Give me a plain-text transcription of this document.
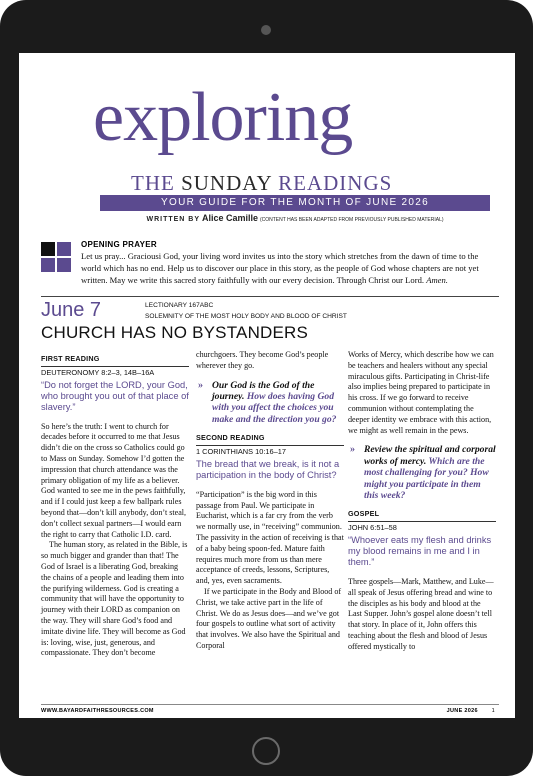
exploring
THE SUNDAY READINGS
YOUR GUIDE FOR THE MONTH OF JUNE 2026
WRITTEN BY Alice Camille (CONTENT HAS BEEN ADAPTED FROM PREVIOUSLY PUBLISHED MATERIAL)
OPENING PRAYER
Let us pray... Graciousi God, your living word invites us into the story which stretches from the dawn of time to the world which has no end. Help us to discover our place in this story, as the people of God whose chapters are not yet written. May we write this sacred story faithfully with our every decision. Through Christ our Lord. Amen.
June 7	LECTIONARY 167ABC
SOLEMNITY OF THE MOST HOLY BODY AND BLOOD OF CHRIST
CHURCH HAS NO BYSTANDERS
FIRST READING
DEUTERONOMY 8:2–3, 14B–16A
“Do not forget the LORD, your God, who brought you out of that place of slavery.”

So here’s the truth: I went to church for decades before it occurred to me that Jesus didn’t die on the cross so Catholics could go to Mass on Sunday. Somehow I’d gotten the impression that church attendance was the primary obligation of my life as a believer. God wanted to see me in the pews faithfully, and if I could just keep a few ballpark rules beyond that—don’t kill anybody, don’t steal, don’t collect sexual partners—I would earn the right to carry that Catholic I.D. card.

The human story, as related in the Bible, is so much bigger and grander than that! The God of Israel is a liberating God, breaking the chains of a people and leading them into the purifying wilderness. God is creating a community that will have the opportunity to journey with their LORD as companion on the way. They will share God’s food and imitate divine life. They will become as God is: loving, wise, just, generous, and compassionate. They don’t become

churchgoers. They become God’s people wherever they go.

» Our God is the God of the journey. How does having God with you affect the choices you make and the direction you go?
SECOND READING
1 CORINTHIANS 10:16–17
The bread that we break, is it not a participation in the body of Christ?

“Participation” is the big word in this passage from Paul. We participate in Eucharist, which is a far cry from the verb we normally use, in “receiving” communion. The passivity in the action of receiving is that of a baby being spoon-fed. Mature faith requires much more from us than mere acceptance of creeds, lessons, Scriptures, and, yes, even sacraments.

If we participate in the Body and Blood of Christ, we take active part in the life of Christ. We do as Jesus does—and we’ve got four gospels to outline what sort of activity that involves. We also have the Spiritual and Corporal

Works of Mercy, which describe how we can be teachers and healers without any special miraculous gifts. Participating in Christ-life also implies being prepared to participate in his cross. If we go forward to receive communion without contemplating the deeper identity we embrace with this action, we might as well remain in the pews.

» Review the spiritual and corporal works of mercy. Which are the most challenging for you? How might you participate in them this week?
GOSPEL
JOHN 6:51–58
“Whoever eats my flesh and drinks my blood remains in me and I in them.”

Three gospels—Mark, Matthew, and Luke—all speak of Jesus offering bread and wine to the disciples as his body and blood at the Last Supper. John’s gospel alone doesn’t tell that story. In place of it, John offers this teaching about the flesh and blood of Jesus offered mystically to

WWW.BAYARDFAITHRESOURCES.COM	JUNE 2026	1
